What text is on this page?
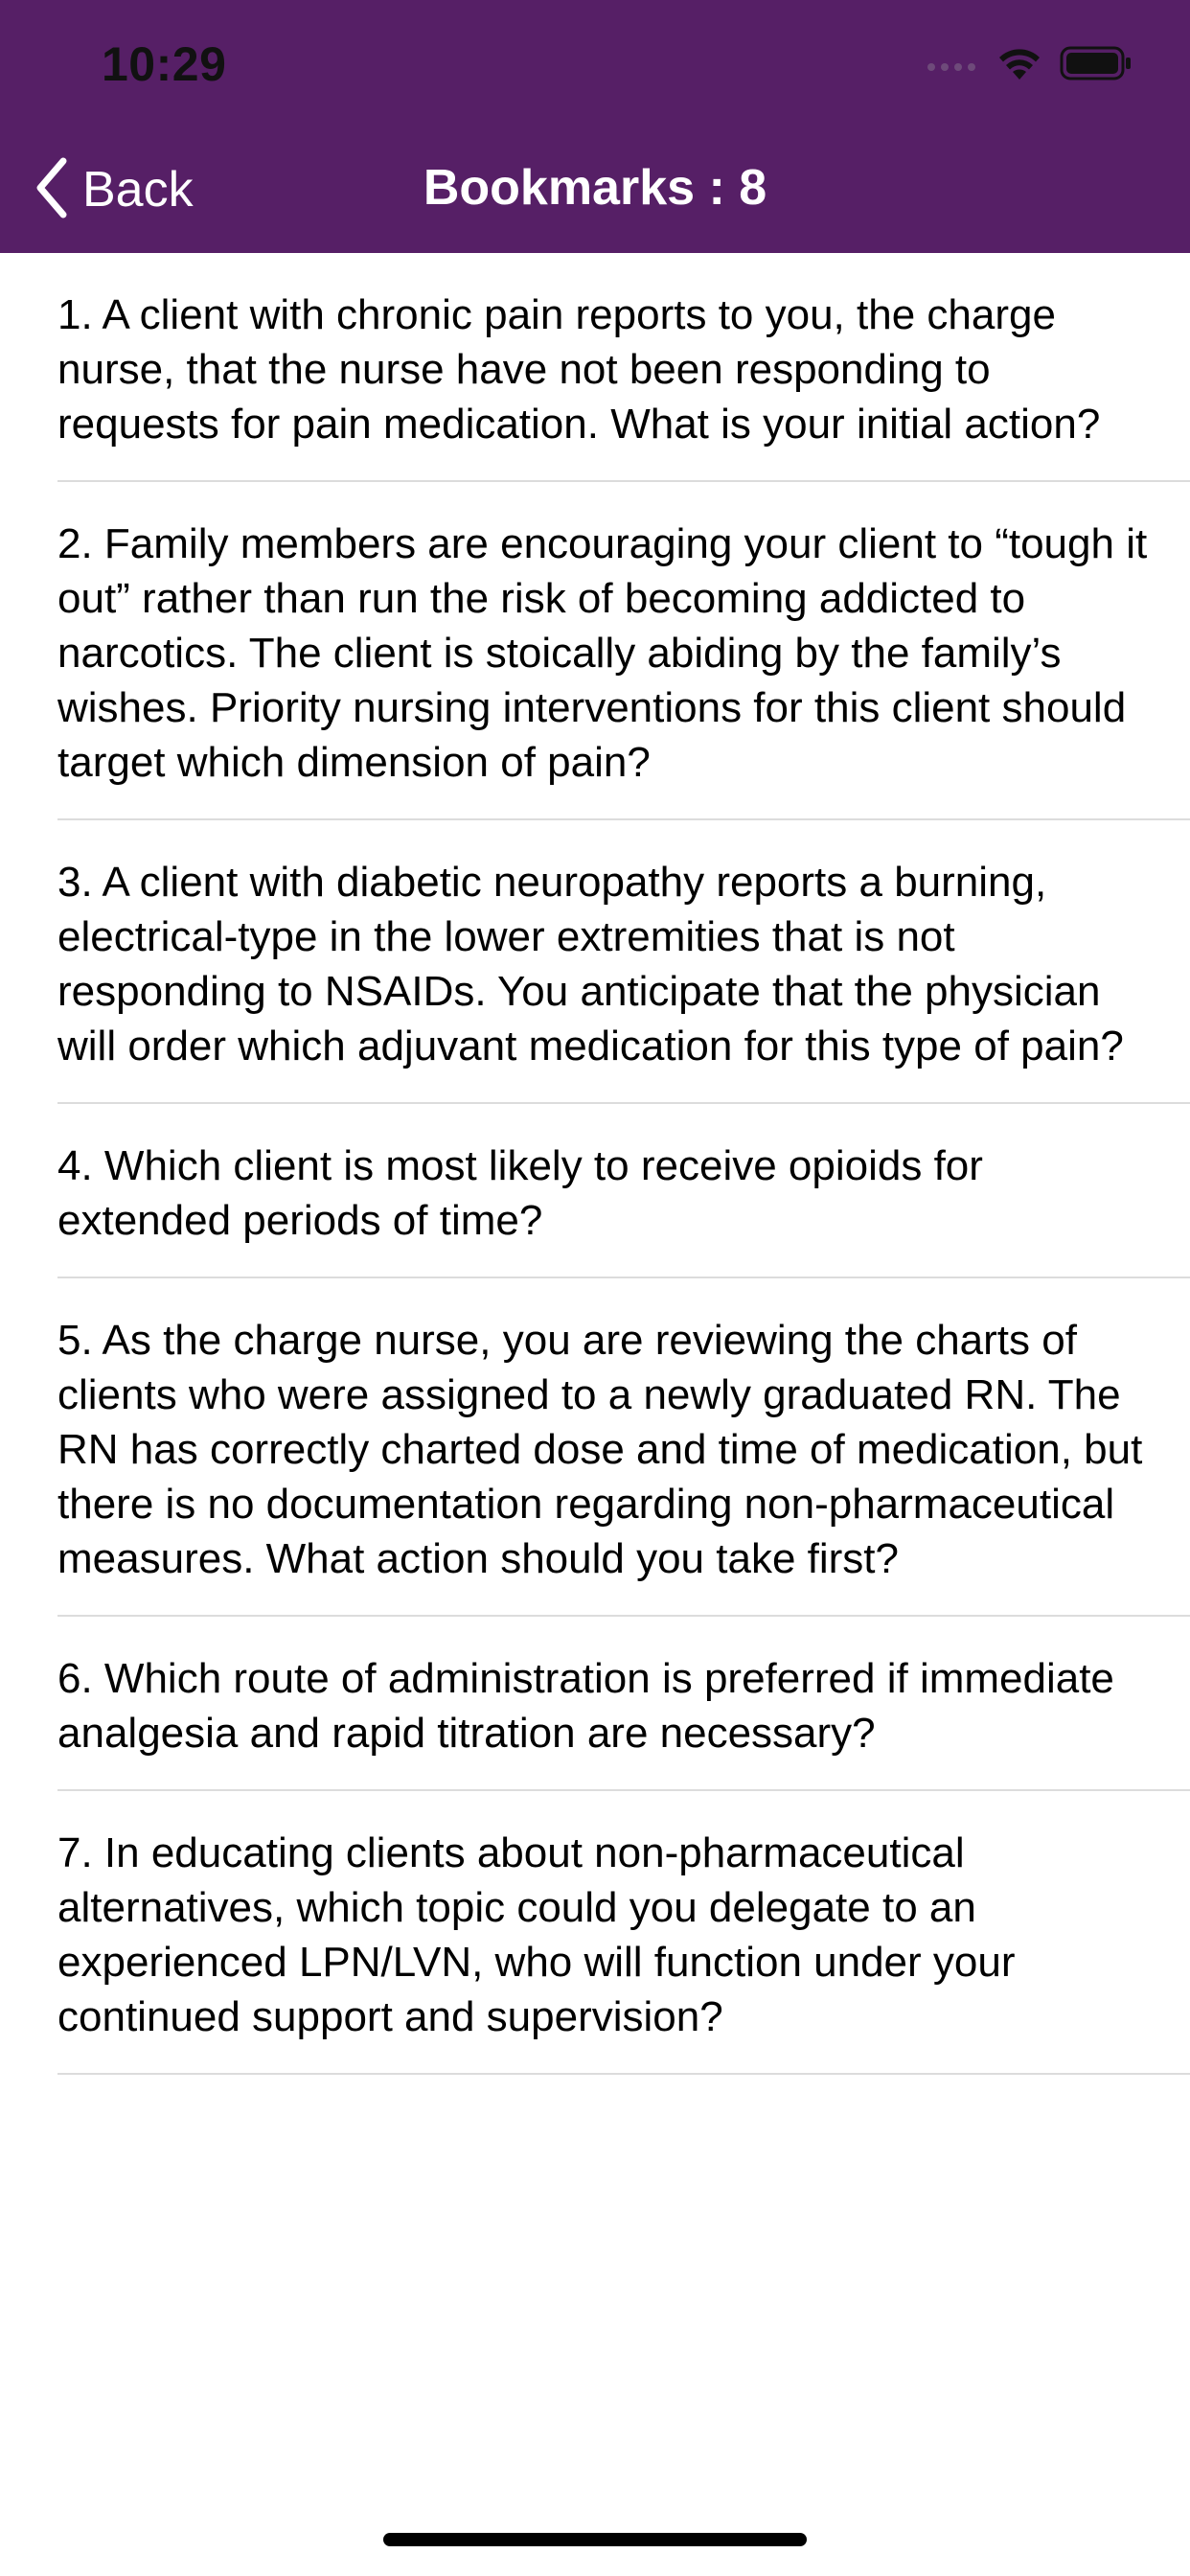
10:29
Back	Bookmarks : 8
1. A client with chronic pain reports to you, the charge nurse, that the nurse have not been responding to requests for pain medication. What is your initial action?
2. Family members are encouraging your client to “tough it out” rather than run the risk of becoming addicted to narcotics. The client is stoically abiding by the family’s wishes. Priority nursing interventions for this client should target which dimension of pain?
3. A client with diabetic neuropathy reports a burning, electrical-type in the lower extremities that is not responding to NSAIDs. You anticipate that the physician will order which adjuvant medication for this type of pain?
4. Which client is most likely to receive opioids for extended periods of time?
5. As the charge nurse, you are reviewing the charts of clients who were assigned to a newly graduated RN. The RN has correctly charted dose and time of medication, but there is no documentation regarding non-pharmaceutical measures. What action should you take first?
6. Which route of administration is preferred if immediate analgesia and rapid titration are necessary?
7. In educating clients about non-pharmaceutical alternatives, which topic could you delegate to an experienced LPN/LVN, who will function under your continued support and supervision?
